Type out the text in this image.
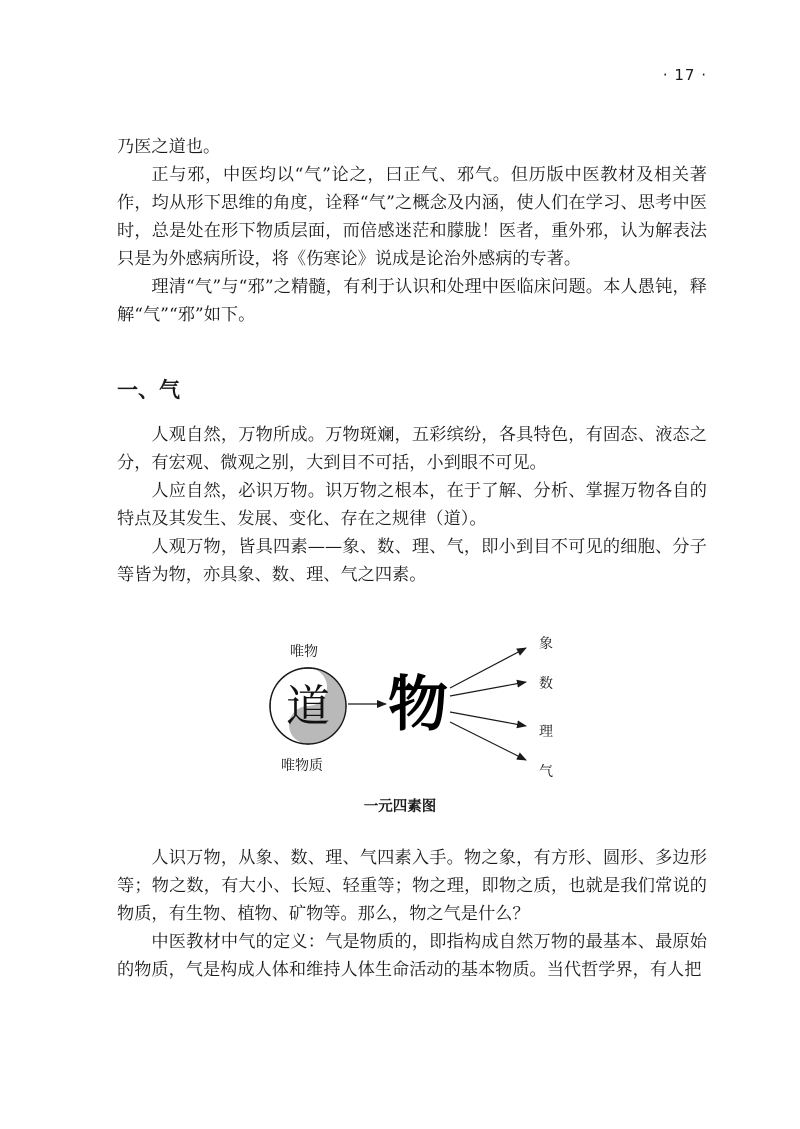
· 17 ·

乃医之道也。

正与邪，中医均以“气”论之，曰正气、邪气。但历版中医教材及相关著作，均从形下思维的角度，诠释“气”之概念及内涵，使人们在学习、思考中医时，总是处在形下物质层面，而倍感迷茫和朦胧！医者，重外邪，认为解表法只是为外感病所设，将《伤寒论》说成是论治外感病的专著。

理清“气”与“邪”之精髓，有利于认识和处理中医临床问题。本人愚钝，释解“气”“邪”如下。

一、气

人观自然，万物所成。万物斑斓，五彩缤纷，各具特色，有固态、液态之分，有宏观、微观之别，大到目不可括，小到眼不可见。

人应自然，必识万物。识万物之根本，在于了解、分析、掌握万物各自的特点及其发生、发展、变化、存在之规律（道）。

人观万物，皆具四素——象、数、理、气，即小到目不可见的细胞、分子等皆为物，亦具象、数、理、气之四素。

唯物
道 物
唯物质
象
数
理
气
一元四素图

人识万物，从象、数、理、气四素入手。物之象，有方形、圆形、多边形等；物之数，有大小、长短、轻重等；物之理，即物之质，也就是我们常说的物质，有生物、植物、矿物等。那么，物之气是什么？

中医教材中气的定义：气是物质的，即指构成自然万物的最基本、最原始的物质，气是构成人体和维持人体生命活动的基本物质。当代哲学界，有人把
